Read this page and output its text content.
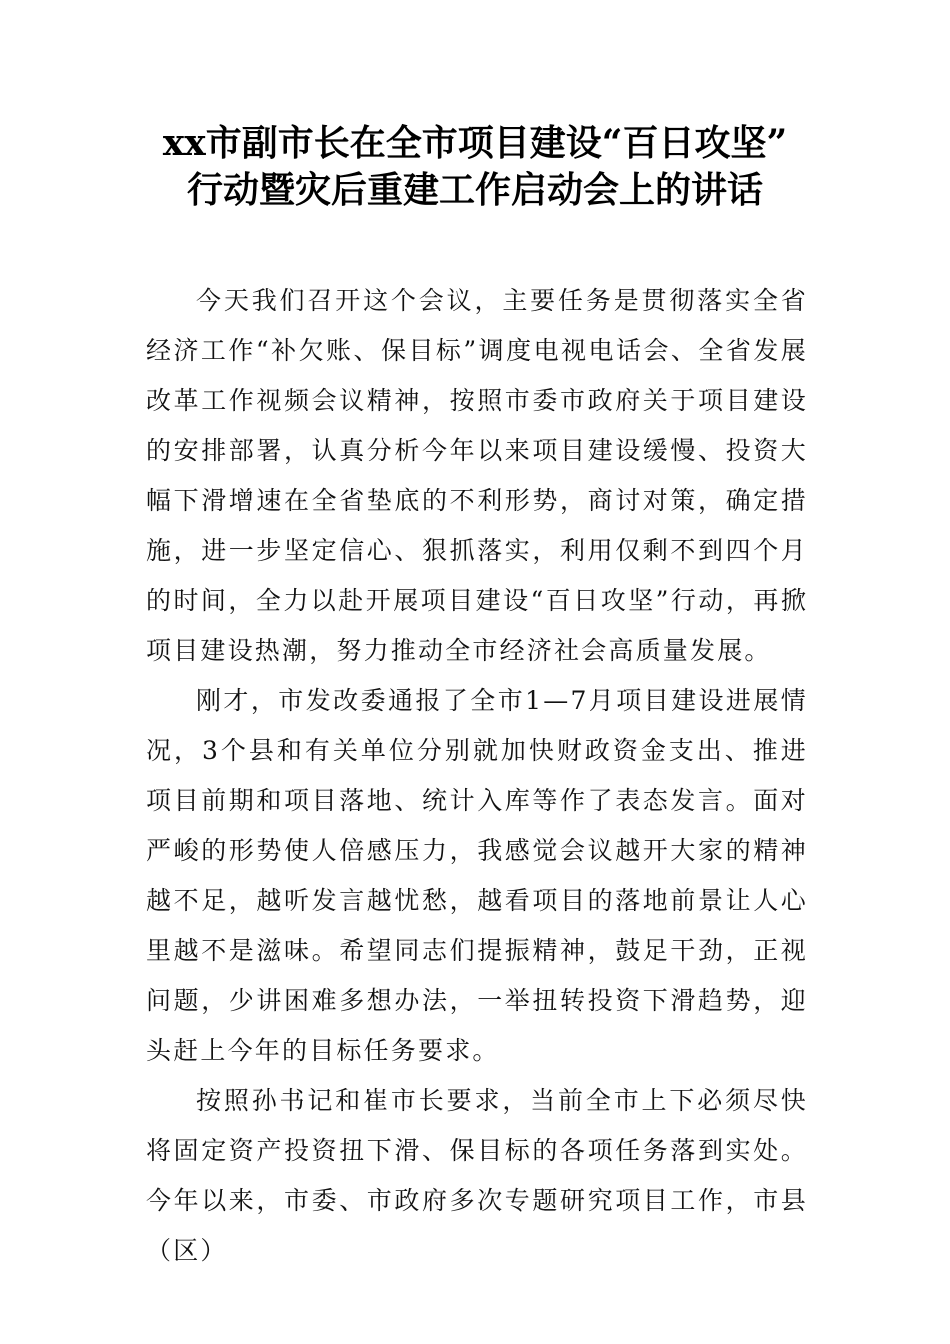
xx市副市长在全市项目建设“百日攻坚”
行动暨灾后重建工作启动会上的讲话

今天我们召开这个会议，主要任务是贯彻落实全省经济工作“补欠账、保目标”调度电视电话会、全省发展改革工作视频会议精神，按照市委市政府关于项目建设的安排部署，认真分析今年以来项目建设缓慢、投资大幅下滑增速在全省垫底的不利形势，商讨对策，确定措施，进一步坚定信心、狠抓落实，利用仅剩不到四个月的时间，全力以赴开展项目建设“百日攻坚”行动，再掀项目建设热潮，努力推动全市经济社会高质量发展。

刚才，市发改委通报了全市1—7月项目建设进展情况，3个县和有关单位分别就加快财政资金支出、推进项目前期和项目落地、统计入库等作了表态发言。面对严峻的形势使人倍感压力，我感觉会议越开大家的精神越不足，越听发言越忧愁，越看项目的落地前景让人心里越不是滋味。希望同志们提振精神，鼓足干劲，正视问题，少讲困难多想办法，一举扭转投资下滑趋势，迎头赶上今年的目标任务要求。

按照孙书记和崔市长要求，当前全市上下必须尽快将固定资产投资扭下滑、保目标的各项任务落到实处。今年以来，市委、市政府多次专题研究项目工作，市县（区）
